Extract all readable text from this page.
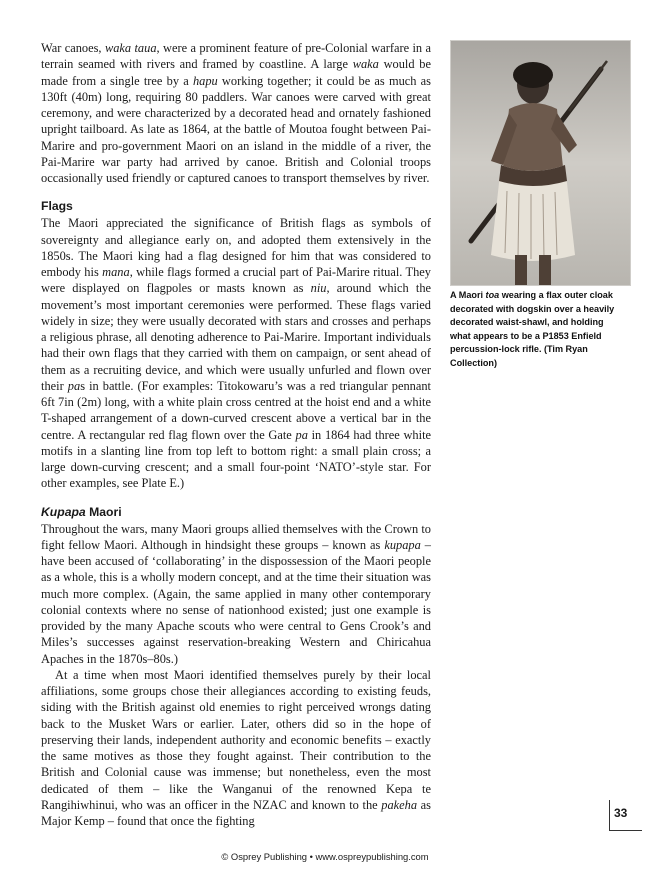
War canoes, waka taua, were a prominent feature of pre-Colonial warfare in a terrain seamed with rivers and framed by coastline. A large waka would be made from a single tree by a hapu working together; it could be as much as 130ft (40m) long, requiring 80 paddlers. War canoes were carved with great ceremony, and were characterized by a decorated head and ornately fashioned upright tailboard. As late as 1864, at the battle of Moutoa fought between Pai-Marire and pro-government Maori on an island in the middle of a river, the Pai-Marire war party had arrived by canoe. British and Colonial troops occasionally used friendly or captured canoes to transport themselves by river.

Flags

The Maori appreciated the significance of British flags as symbols of sovereignty and allegiance early on, and adopted them extensively in the 1850s. The Maori king had a flag designed for him that was considered to embody his mana, while flags formed a crucial part of Pai-Marire ritual. They were displayed on flagpoles or masts known as niu, around which the movement’s most important ceremonies were performed. These flags varied widely in size; they were usually decorated with stars and crosses and perhaps a religious phrase, all denoting adherence to Pai-Marire. Important individuals had their own flags that they carried with them on campaign, or sent ahead of them as a recruiting device, and which were usually unfurled and flown over their pas in battle. (For examples: Titokowaru’s was a red triangular pennant 6ft 7in (2m) long, with a white plain cross centred at the hoist end and a white T-shaped arrangement of a down-curved crescent above a vertical bar in the centre. A rectangular red flag flown over the Gate pa in 1864 had three white motifs in a slanting line from top left to bottom right: a small plain cross; a large down-curving crescent; and a small four-point ‘NATO’-style star. For other examples, see Plate E.)

Kupapa Maori

Throughout the wars, many Maori groups allied themselves with the Crown to fight fellow Maori. Although in hindsight these groups – known as kupapa – have been accused of ‘collaborating’ in the dispossession of the Maori people as a whole, this is a wholly modern concept, and at the time their situation was much more complex. (Again, the same applied in many other contemporary colonial contexts where no sense of nationhood existed; just one example is provided by the many Apache scouts who were central to Gens Crook’s and Miles’s successes against reservation-breaking Western and Chiricahua Apaches in the 1870s–80s.)

At a time when most Maori identified themselves purely by their local affiliations, some groups chose their allegiances according to existing feuds, siding with the British against old enemies to right perceived wrongs dating back to the Musket Wars or earlier. Later, others did so in the hope of preserving their lands, independent authority and economic benefits – exactly the same motives as those they fought against. Their contribution to the British and Colonial cause was immense; but nonetheless, even the most dedicated of them – like the Wanganui of the renowned Kepa te Rangihiwhinui, who was an officer in the NZAC and known to the pakeha as Major Kemp – found that once the fighting

A Maori toa wearing a flax outer cloak decorated with dogskin over a heavily decorated waist-shawl, and holding what appears to be a P1853 Enfield percussion-lock rifle. (Tim Ryan Collection)
33
© Osprey Publishing • www.ospreypublishing.com
